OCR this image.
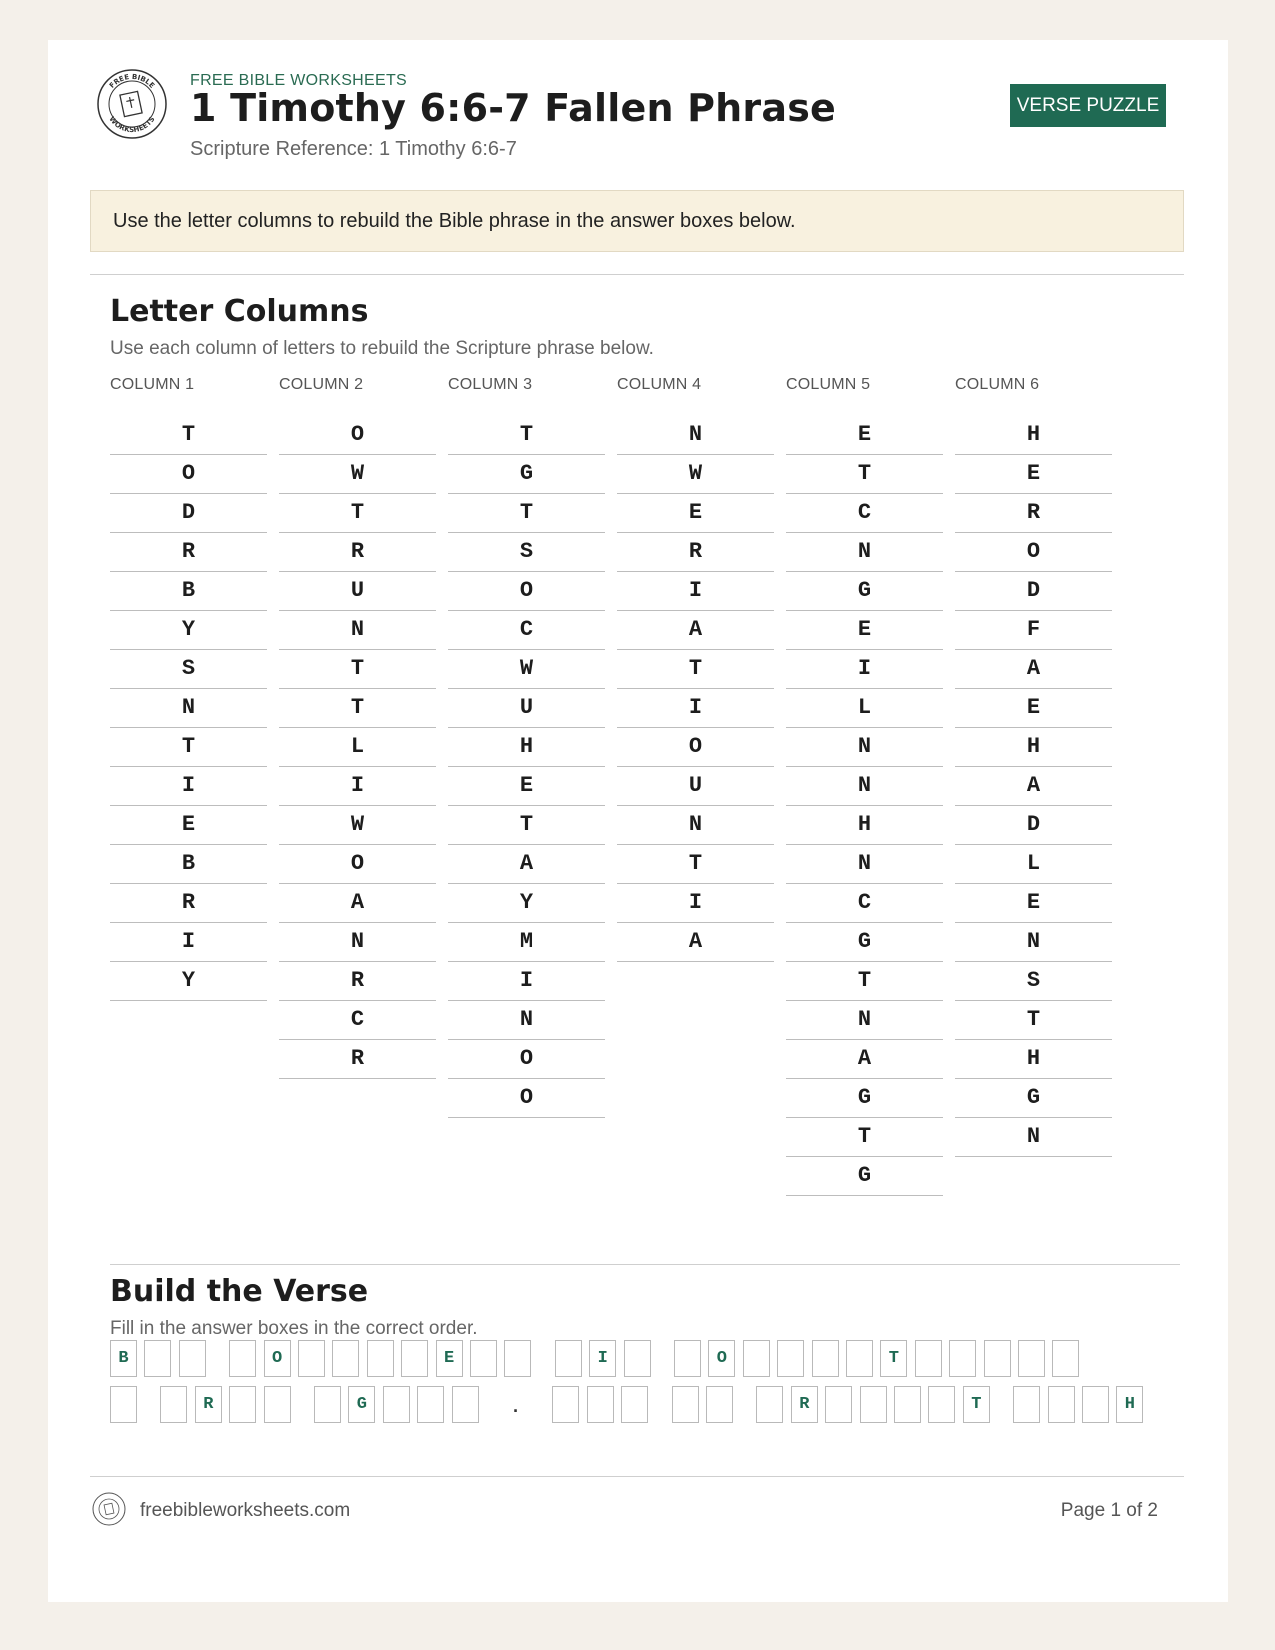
FREE BIBLE
WORKSHEETS
FREE BIBLE WORKSHEETS
1 Timothy 6:6-7 Fallen Phrase
Scripture Reference: 1 Timothy 6:6-7
VERSE PUZZLE
Use the letter columns to rebuild the Bible phrase in the answer boxes below.
Letter Columns
Use each column of letters to rebuild the Scripture phrase below.
COLUMN 1
T
O
D
R
B
Y
S
N
T
I
E
B
R
I
Y
COLUMN 2
O
W
T
R
U
N
T
T
L
I
W
O
A
N
R
C
R
COLUMN 3
T
G
T
S
O
C
W
U
H
E
T
A
Y
M
I
N
O
O
COLUMN 4
N
W
E
R
I
A
T
I
O
U
N
T
I
A
COLUMN 5
E
T
C
N
G
E
I
L
N
N
H
N
C
G
T
N
A
G
T
G
COLUMN 6
H
E
R
O
D
F
A
E
H
A
D
L
E
N
S
T
H
G
N
Build the Verse
Fill in the answer boxes in the correct order.
B	O	E	I	O	T
R	G	.	R	T	H
freebibleworksheets.com	Page 1 of 2
